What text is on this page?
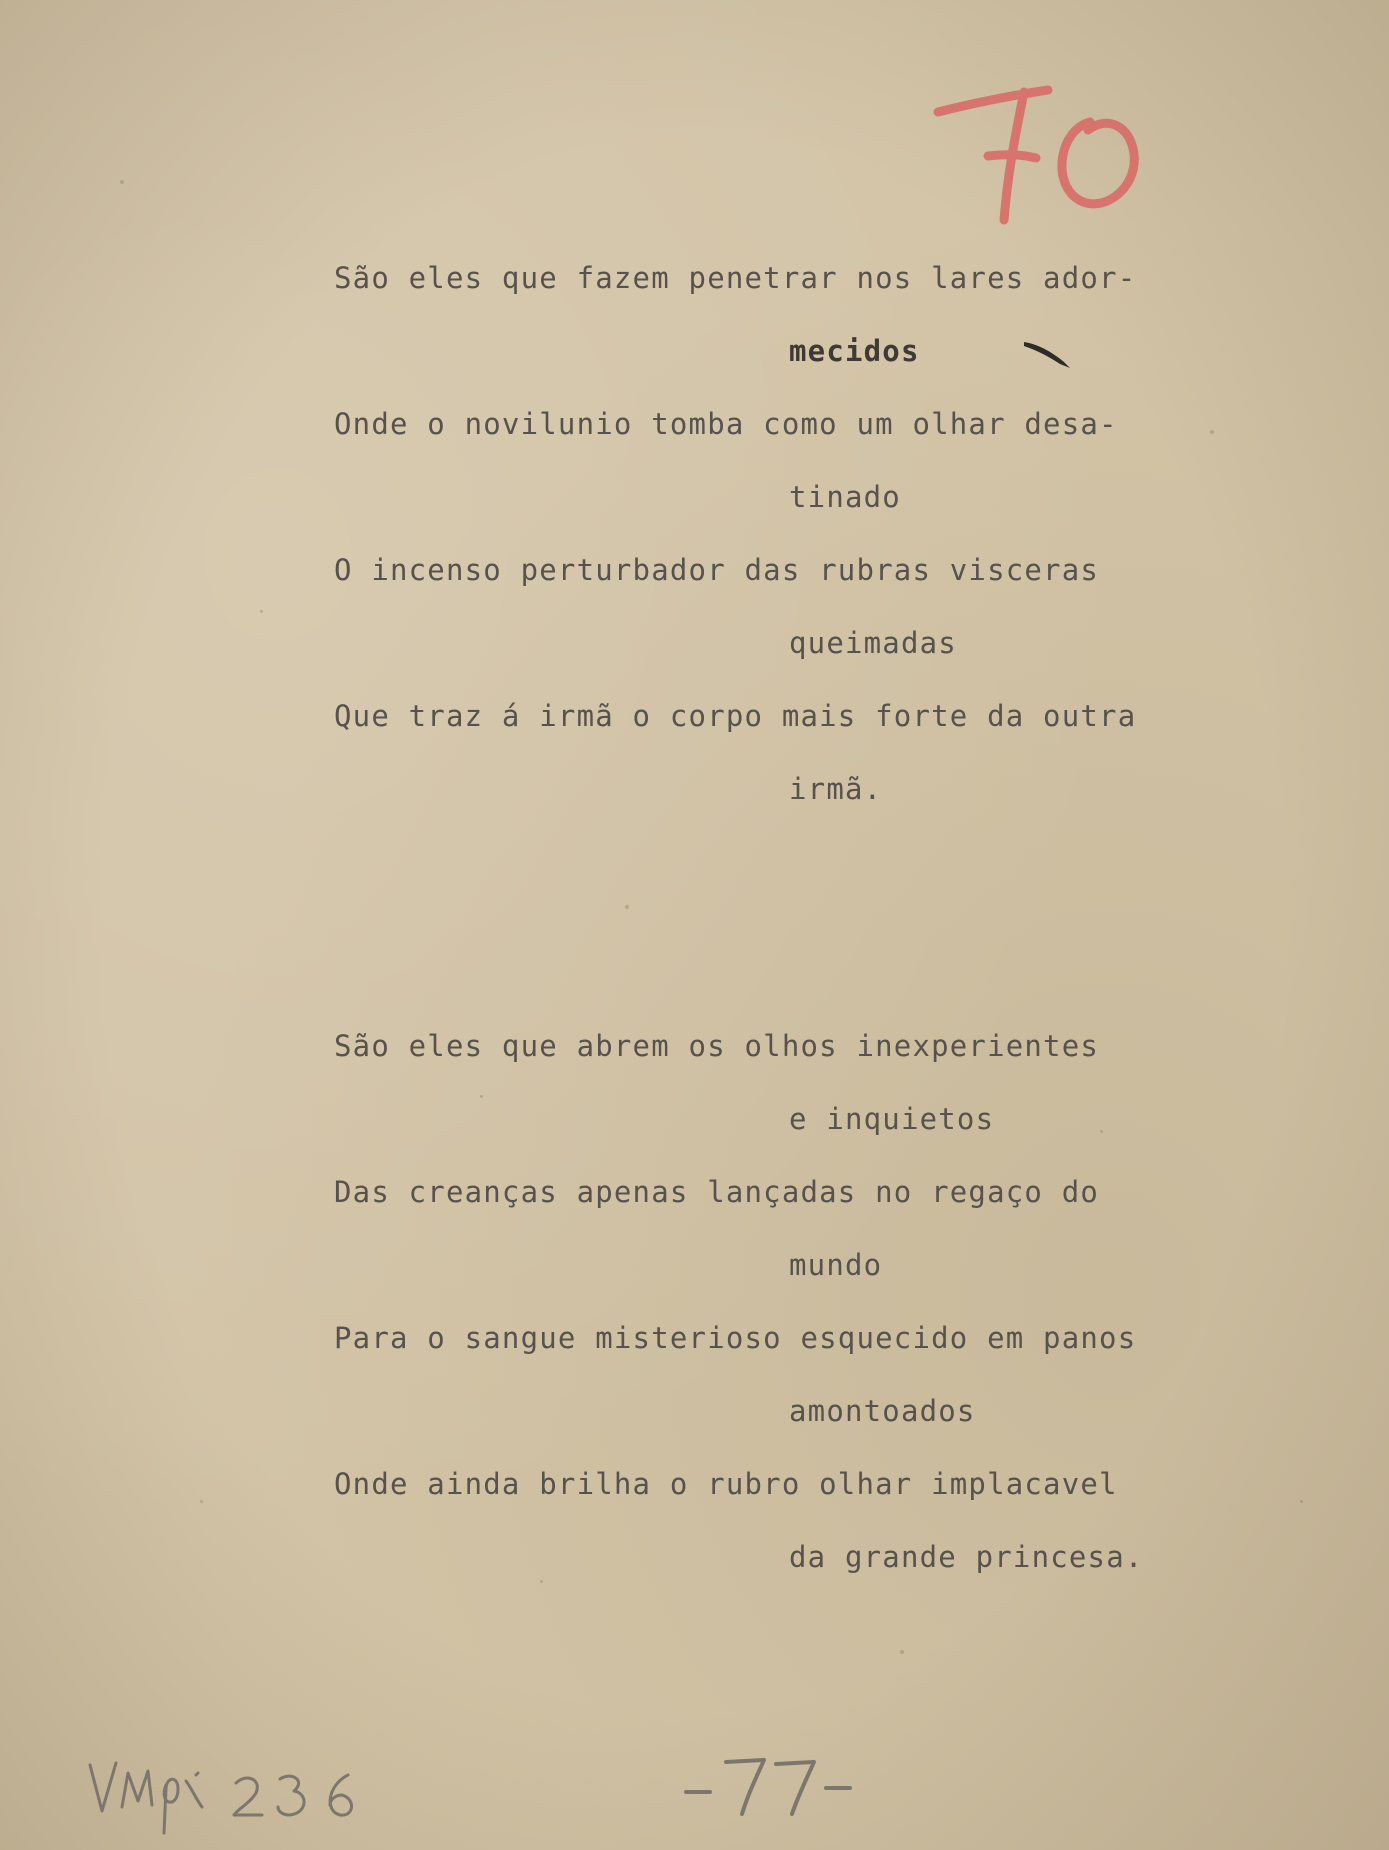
São eles que fazem penetrar nos lares ador-
mecidos
Onde o novilunio tomba como um olhar desa-
tinado
O incenso perturbador das rubras visceras
queimadas
Que traz á irmã o corpo mais forte da outra
irmã.
São eles que abrem os olhos inexperientes
e inquietos
Das creanças apenas lançadas no regaço do
mundo
Para o sangue misterioso esquecido em panos
amontoados
Onde ainda brilha o rubro olhar implacavel
da grande princesa.
